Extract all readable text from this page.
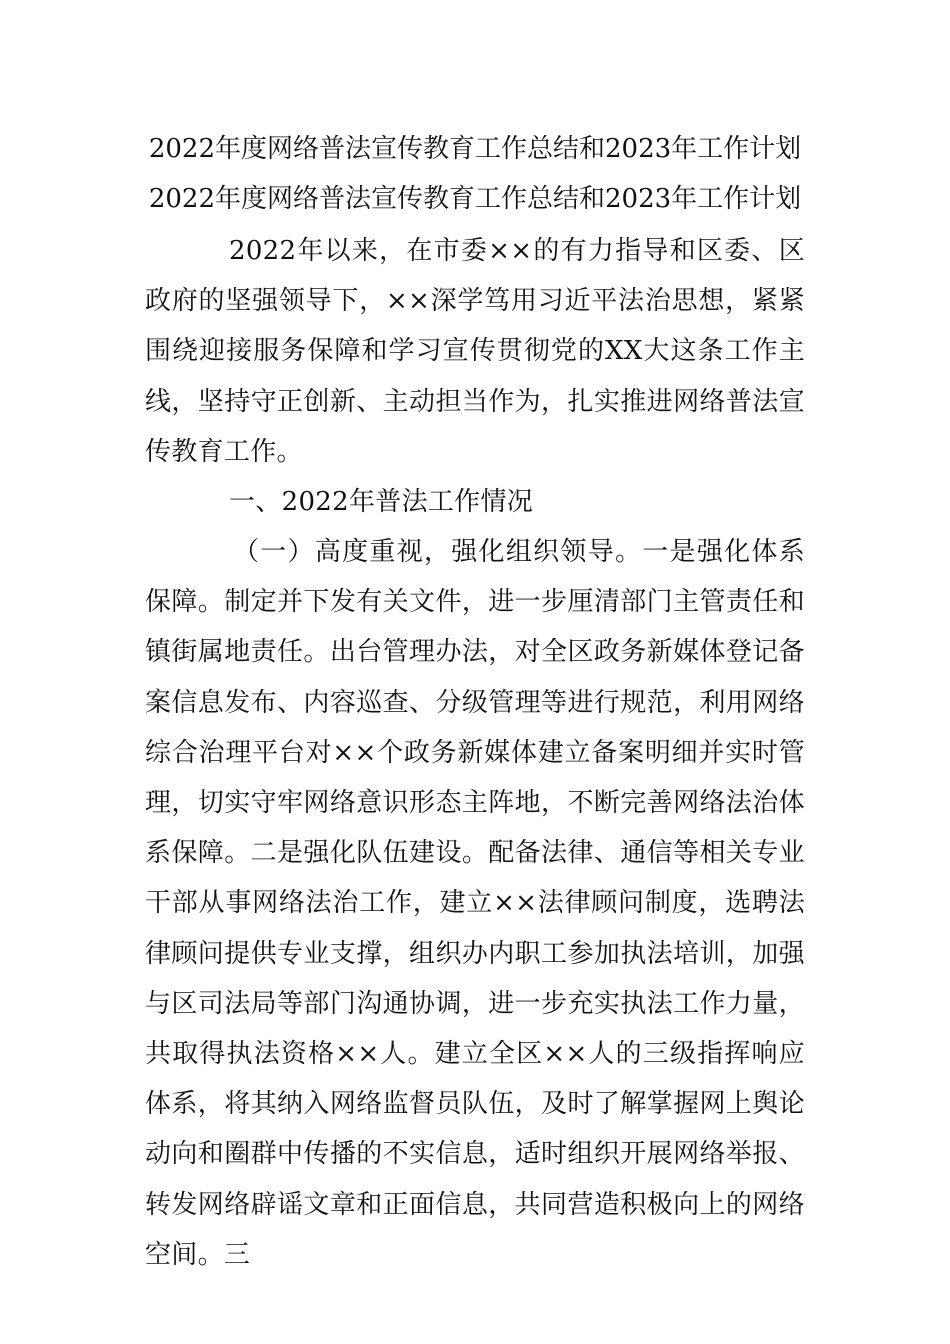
2022年度网络普法宣传教育工作总结和2023年工作计划
2022年度网络普法宣传教育工作总结和2023年工作计划
2022年以来，在市委××的有力指导和区委、区政府的坚强领导下，××深学笃用习近平法治思想，紧紧围绕迎接服务保障和学习宣传贯彻党的XX大这条工作主线，坚持守正创新、主动担当作为，扎实推进网络普法宣传教育工作。
一、2022年普法工作情况
（一）高度重视，强化组织领导。一是强化体系保障。制定并下发有关文件，进一步厘清部门主管责任和镇街属地责任。出台管理办法，对全区政务新媒体登记备案信息发布、内容巡查、分级管理等进行规范，利用网络综合治理平台对××个政务新媒体建立备案明细并实时管理，切实守牢网络意识形态主阵地，不断完善网络法治体系保障。二是强化队伍建设。配备法律、通信等相关专业干部从事网络法治工作，建立××法律顾问制度，选聘法律顾问提供专业支撑，组织办内职工参加执法培训，加强与区司法局等部门沟通协调，进一步充实执法工作力量，共取得执法资格××人。建立全区××人的三级指挥响应体系，将其纳入网络监督员队伍，及时了解掌握网上舆论动向和圈群中传播的不实信息，适时组织开展网络举报、转发网络辟谣文章和正面信息，共同营造积极向上的网络空间。三
